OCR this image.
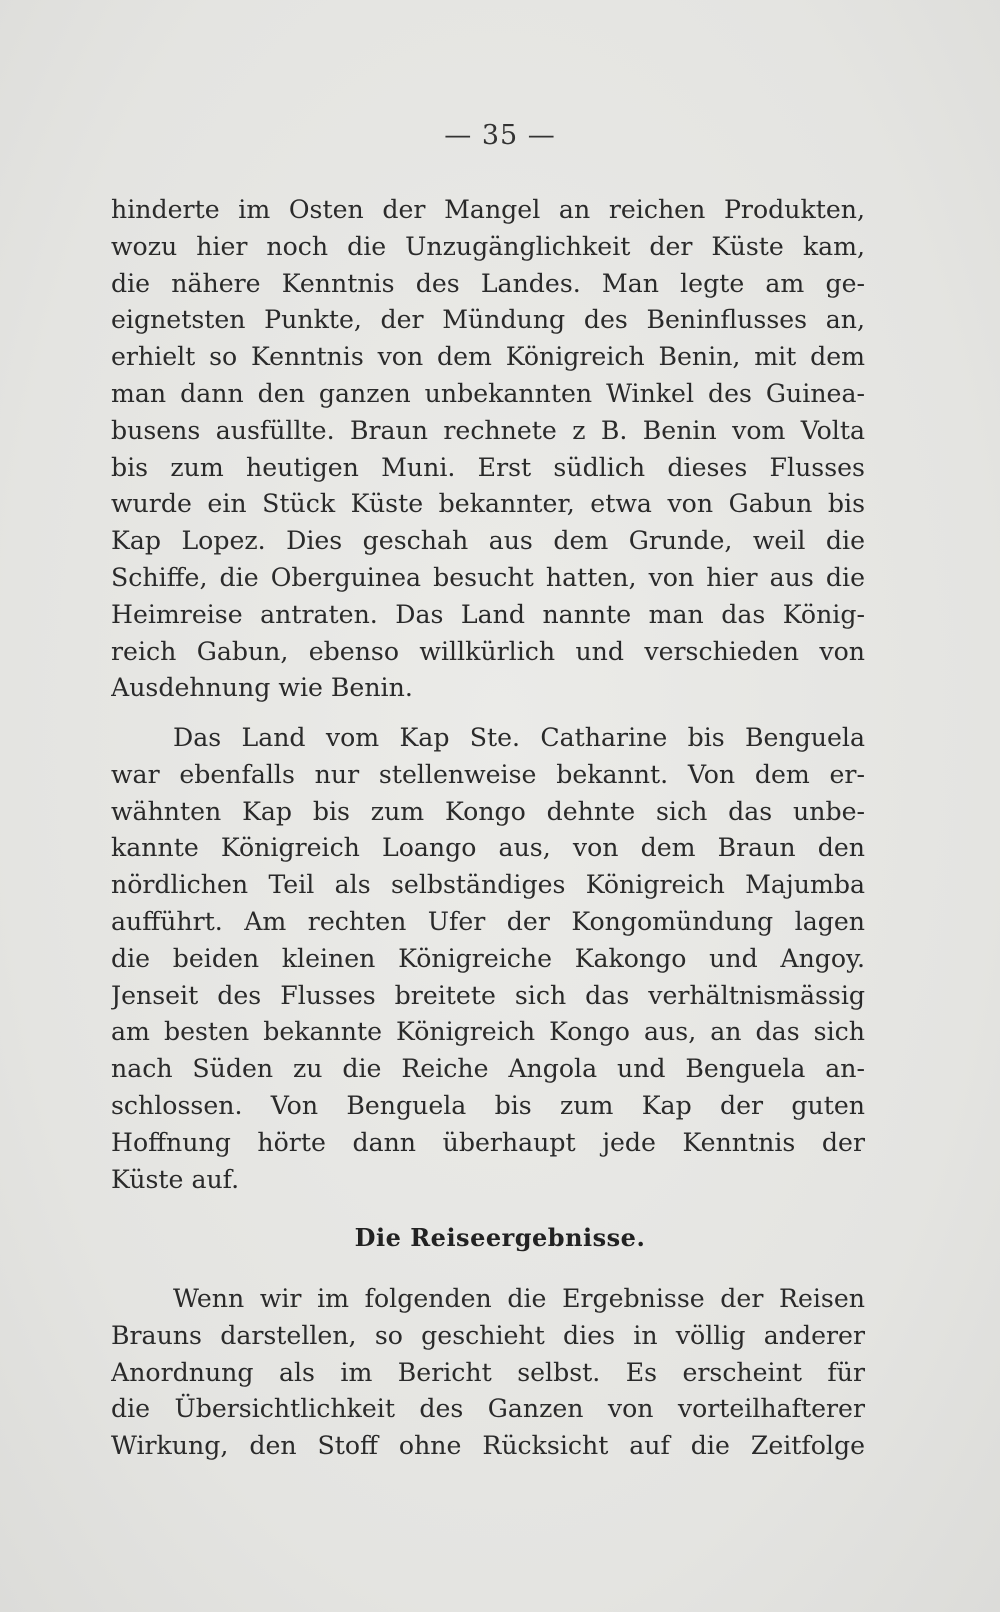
— 35 —
hinderte im Osten der Mangel an reichen Produkten,
wozu hier noch die Unzugänglichkeit der Küste kam,
die nähere Kenntnis des Landes. Man legte am ge-
eignetsten Punkte, der Mündung des Beninflusses an,
erhielt so Kenntnis von dem Königreich Benin, mit dem
man dann den ganzen unbekannten Winkel des Guinea-
busens ausfüllte. Braun rechnete z B. Benin vom Volta
bis zum heutigen Muni. Erst südlich dieses Flusses
wurde ein Stück Küste bekannter, etwa von Gabun bis
Kap Lopez. Dies geschah aus dem Grunde, weil die
Schiffe, die Oberguinea besucht hatten, von hier aus die
Heimreise antraten. Das Land nannte man das König-
reich Gabun, ebenso willkürlich und verschieden von
Ausdehnung wie Benin.
Das Land vom Kap Ste. Catharine bis Benguela
war ebenfalls nur stellenweise bekannt. Von dem er-
wähnten Kap bis zum Kongo dehnte sich das unbe-
kannte Königreich Loango aus, von dem Braun den
nördlichen Teil als selbständiges Königreich Majumba
aufführt. Am rechten Ufer der Kongomündung lagen
die beiden kleinen Königreiche Kakongo und Angoy.
Jenseit des Flusses breitete sich das verhältnismässig
am besten bekannte Königreich Kongo aus, an das sich
nach Süden zu die Reiche Angola und Benguela an-
schlossen. Von Benguela bis zum Kap der guten
Hoffnung hörte dann überhaupt jede Kenntnis der
Küste auf.
Die Reiseergebnisse.
Wenn wir im folgenden die Ergebnisse der Reisen
Brauns darstellen, so geschieht dies in völlig anderer
Anordnung als im Bericht selbst. Es erscheint für
die Übersichtlichkeit des Ganzen von vorteilhafterer
Wirkung, den Stoff ohne Rücksicht auf die Zeitfolge
